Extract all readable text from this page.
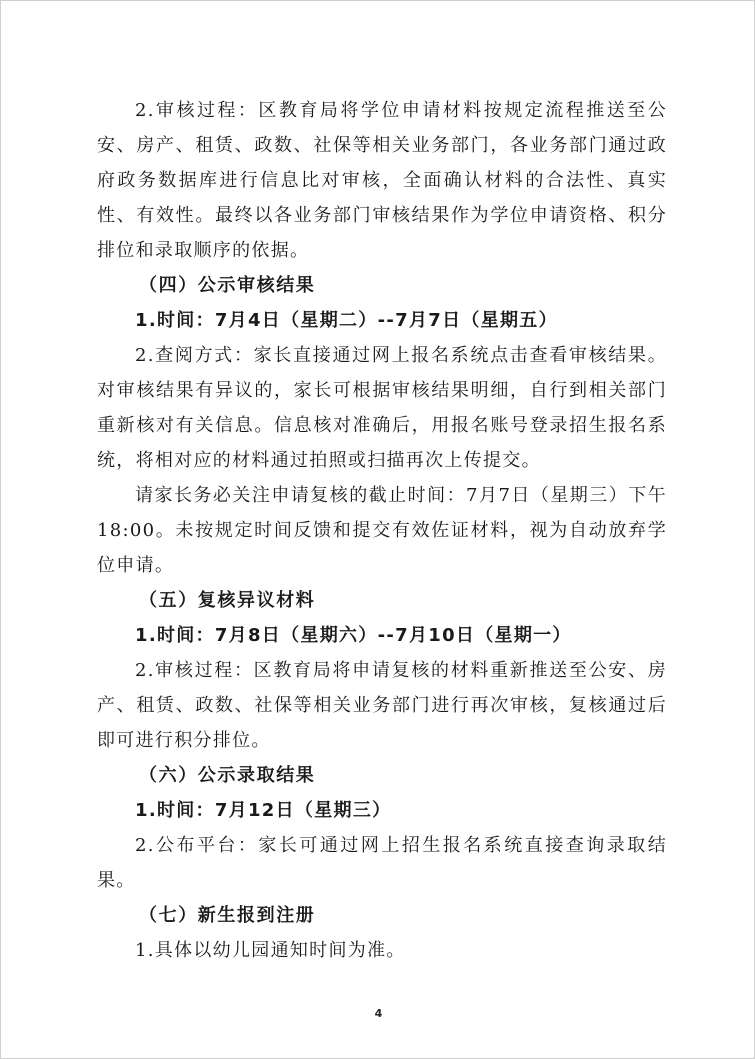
2.审核过程：区教育局将学位申请材料按规定流程推送至公安、房产、租赁、政数、社保等相关业务部门，各业务部门通过政府政务数据库进行信息比对审核，全面确认材料的合法性、真实性、有效性。最终以各业务部门审核结果作为学位申请资格、积分排位和录取顺序的依据。

（四）公示审核结果

1.时间：7月4日（星期二）--7月7日（星期五）

2.查阅方式：家长直接通过网上报名系统点击查看审核结果。对审核结果有异议的，家长可根据审核结果明细，自行到相关部门重新核对有关信息。信息核对准确后，用报名账号登录招生报名系统，将相对应的材料通过拍照或扫描再次上传提交。

请家长务必关注申请复核的截止时间：7月7日（星期三）下午18:00。未按规定时间反馈和提交有效佐证材料，视为自动放弃学位申请。

（五）复核异议材料

1.时间：7月8日（星期六）--7月10日（星期一）

2.审核过程：区教育局将申请复核的材料重新推送至公安、房产、租赁、政数、社保等相关业务部门进行再次审核，复核通过后即可进行积分排位。

（六）公示录取结果

1.时间：7月12日（星期三）

2.公布平台：家长可通过网上招生报名系统直接查询录取结果。

（七）新生报到注册

1.具体以幼儿园通知时间为准。

4
